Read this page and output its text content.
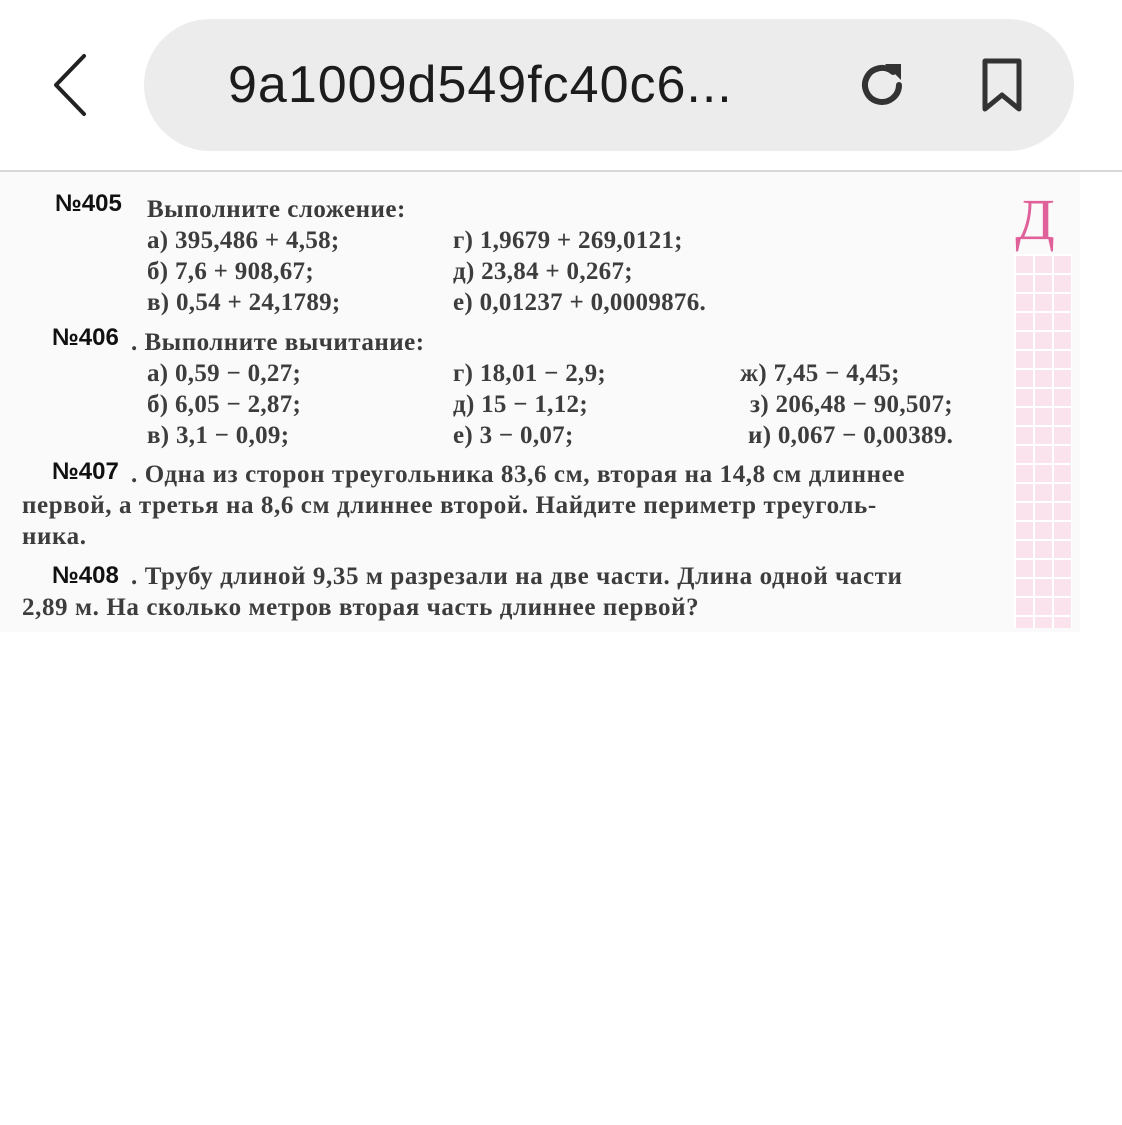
9a1009d549fc40c6...
№405 Выполните сложение:
а) 395,486 + 4,58;	г) 1,9679 + 269,0121;
б) 7,6 + 908,67;	д) 23,84 + 0,267;
в) 0,54 + 24,1789;	е) 0,01237 + 0,0009876.
№406 . Выполните вычитание:
а) 0,59 − 0,27;	г) 18,01 − 2,9;	ж) 7,45 − 4,45;
б) 6,05 − 2,87;	д) 15 − 1,12;	з) 206,48 − 90,507;
в) 3,1 − 0,09;	е) 3 − 0,07;	и) 0,067 − 0,00389.
№407 . Одна из сторон треугольника 83,6 см, вторая на 14,8 см длиннее
первой, а третья на 8,6 см длиннее второй. Найдите периметр треуголь-
ника.
№408 . Трубу длиной 9,35 м разрезали на две части. Длина одной части
2,89 м. На сколько метров вторая часть длиннее первой?
Д
